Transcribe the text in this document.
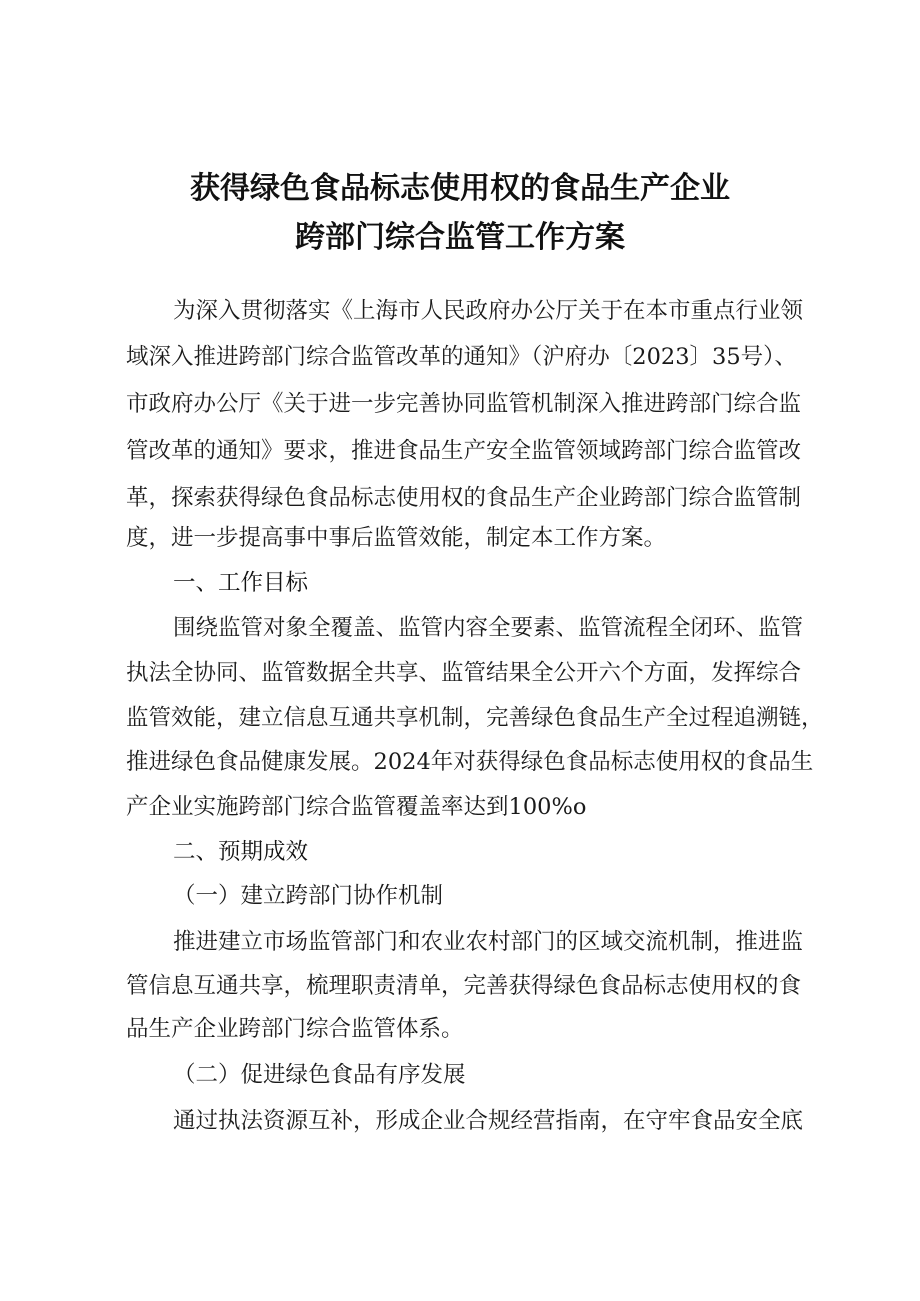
获得绿色食品标志使用权的食品生产企业
跨部门综合监管工作方案
为深入贯彻落实《上海市人民政府办公厅关于在本市重点行业领
域深入推进跨部门综合监管改革的通知》（沪府办〔2023〕35号）、
市政府办公厅《关于进一步完善协同监管机制深入推进跨部门综合监
管改革的通知》要求，推进食品生产安全监管领域跨部门综合监管改
革，探索获得绿色食品标志使用权的食品生产企业跨部门综合监管制
度，进一步提高事中事后监管效能，制定本工作方案。
一、工作目标
围绕监管对象全覆盖、监管内容全要素、监管流程全闭环、监管
执法全协同、监管数据全共享、监管结果全公开六个方面，发挥综合
监管效能，建立信息互通共享机制，完善绿色食品生产全过程追溯链，
推进绿色食品健康发展。2024年对获得绿色食品标志使用权的食品生
产企业实施跨部门综合监管覆盖率达到100%o
二、预期成效
（一）建立跨部门协作机制
推进建立市场监管部门和农业农村部门的区域交流机制，推进监
管信息互通共享，梳理职责清单，完善获得绿色食品标志使用权的食
品生产企业跨部门综合监管体系。
（二）促进绿色食品有序发展
通过执法资源互补，形成企业合规经营指南，在守牢食品安全底
